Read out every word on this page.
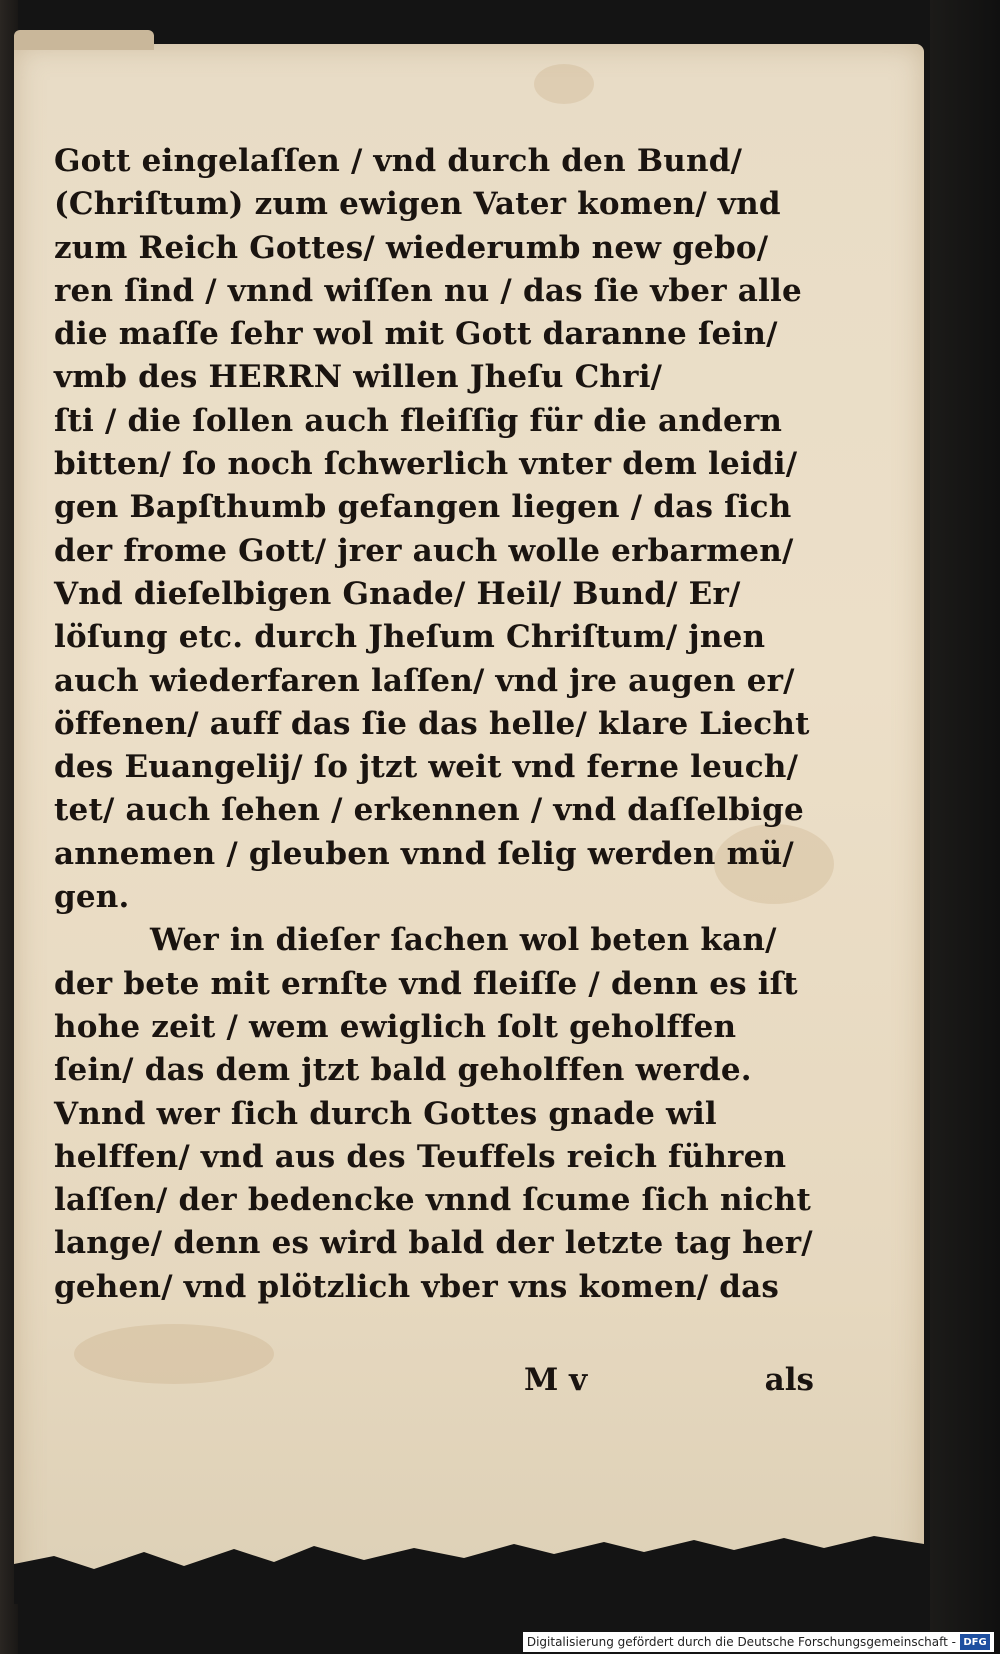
Gott eingelaſſen / vnd durch den Bund/
(Chriſtum) zum ewigen Vater komen/ vnd
zum Reich Gottes/ wiederumb new gebo/
ren ſind / vnnd wiſſen nu / das ſie vber alle
die maſſe ſehr wol mit Gott daranne ſein/
vmb des HERRN willen Jheſu Chri/
ſti / die ſollen auch fleiſſig für die andern
bitten/ ſo noch ſchwerlich vnter dem leidi/
gen Bapſthumb gefangen liegen / das ſich
der frome Gott/ jrer auch wolle erbarmen/
Vnd dieſelbigen Gnade/ Heil/ Bund/ Er/
löſung etc. durch Jheſum Chriſtum/ jnen
auch wiederfaren laſſen/ vnd jre augen er/
öffenen/ auff das ſie das helle/ klare Liecht
des Euangelij/ ſo jtzt weit vnd ferne leuch/
tet/ auch ſehen / erkennen / vnd daſſelbige
annemen / gleuben vnnd ſelig werden mü/
gen.
Wer in dieſer ſachen wol beten kan/
der bete mit ernſte vnd fleiſſe / denn es iſt
hohe zeit / wem ewiglich ſolt geholffen
ſein/ das dem jtzt bald geholffen werde.
Vnnd wer ſich durch Gottes gnade wil
helffen/ vnd aus des Teuffels reich führen
laſſen/ der bedencke vnnd ſcume ſich nicht
lange/ denn es wird bald der letzte tag her/
gehen/ vnd plötzlich vber vns komen/ das
M v	als
Digitalisierung gefördert durch die Deutsche Forschungsgemeinschaft - DFG
